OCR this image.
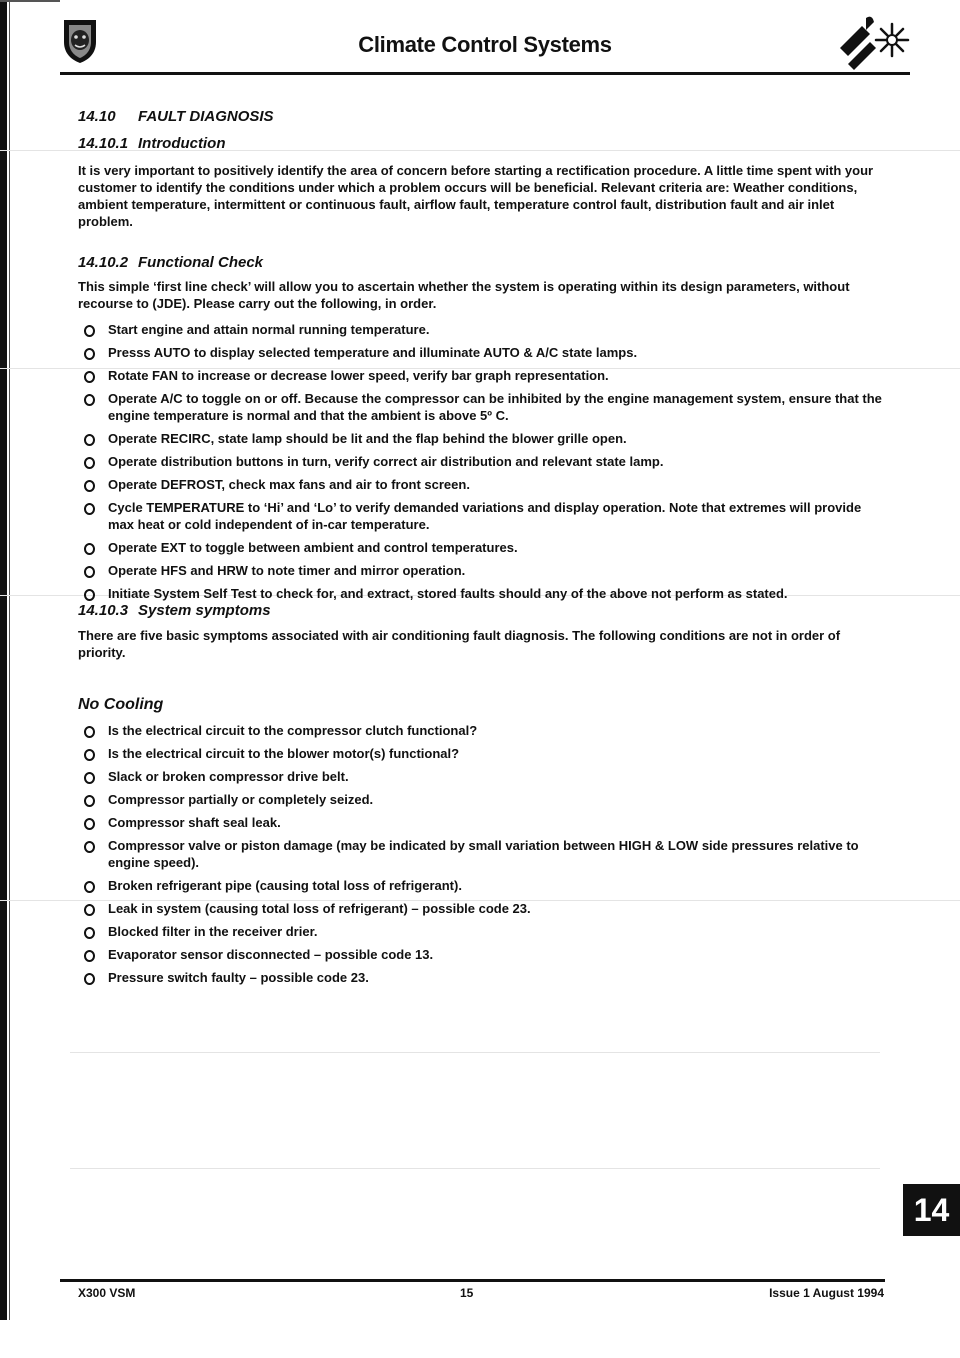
Climate Control Systems
14.10 FAULT DIAGNOSIS
14.10.1 Introduction

It is very important to positively identify the area of concern before starting a rectification procedure. A little time spent with your customer to identify the conditions under which a problem occurs will be beneficial. Relevant criteria are: Weather conditions, ambient temperature, intermittent or continuous fault, airflow fault, temperature control fault, distribution fault and air inlet problem.

14.10.2 Functional Check

This simple ‘first line check’ will allow you to ascertain whether the system is operating within its design parameters, without recourse to (JDE). Please carry out the following, in order.

Start engine and attain normal running temperature.
Presss AUTO to display selected temperature and illuminate AUTO & A/C state lamps.
Rotate FAN to increase or decrease lower speed, verify bar graph representation.
Operate A/C to toggle on or off. Because the compressor can be inhibited by the engine management system, ensure that the engine temperature is normal and that the ambient is above 5º C.
Operate RECIRC, state lamp should be lit and the flap behind the blower grille open.
Operate distribution buttons in turn, verify correct air distribution and relevant state lamp.
Operate DEFROST, check max fans and air to front screen.
Cycle TEMPERATURE to ‘Hi’ and ‘Lo’ to verify demanded variations and display operation. Note that extremes will provide max heat or cold independent of in-car temperature.
Operate EXT to toggle between ambient and control temperatures.
Operate HFS and HRW to note timer and mirror operation.
Initiate System Self Test to check for, and extract, stored faults should any of the above not perform as stated.
14.10.3 System symptoms

There are five basic symptoms associated with air conditioning fault diagnosis. The following conditions are not in order of priority.

No Cooling
Is the electrical circuit to the compressor clutch functional?
Is the electrical circuit to the blower motor(s) functional?
Slack or broken compressor drive belt.
Compressor partially or completely seized.
Compressor shaft seal leak.
Compressor valve or piston damage (may be indicated by small variation between HIGH & LOW side pressures relative to engine speed).
Broken refrigerant pipe (causing total loss of refrigerant).
Leak in system (causing total loss of refrigerant) – possible code 23.
Blocked filter in the receiver drier.
Evaporator sensor disconnected – possible code 13.
Pressure switch faulty – possible code 23.
14
X300 VSM	15	Issue 1 August 1994
